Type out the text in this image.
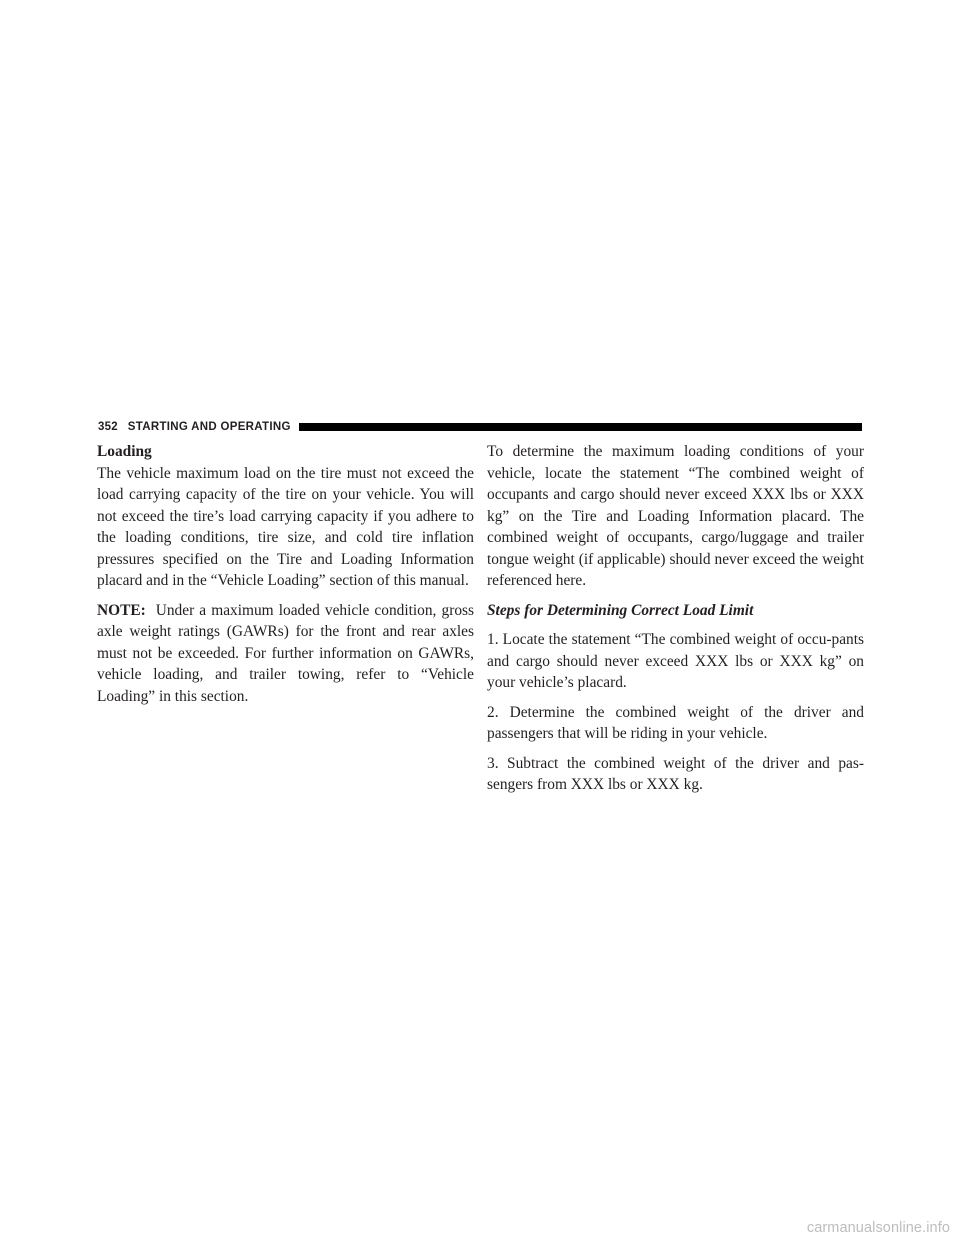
352 STARTING AND OPERATING
Loading

The vehicle maximum load on the tire must not exceed the load carrying capacity of the tire on your vehicle. You will not exceed the tire’s load carrying capacity if you adhere to the loading conditions, tire size, and cold tire inflation pressures specified on the Tire and Loading Information placard and in the “Vehicle Loading” section of this manual.

NOTE: Under a maximum loaded vehicle condition, gross axle weight ratings (GAWRs) for the front and rear axles must not be exceeded. For further information on GAWRs, vehicle loading, and trailer towing, refer to “Vehicle Loading” in this section.

To determine the maximum loading conditions of your vehicle, locate the statement “The combined weight of occupants and cargo should never exceed XXX lbs or XXX kg” on the Tire and Loading Information placard. The combined weight of occupants, cargo/luggage and trailer tongue weight (if applicable) should never exceed the weight referenced here.

Steps for Determining Correct Load Limit

1. Locate the statement “The combined weight of occu-pants and cargo should never exceed XXX lbs or XXX kg” on your vehicle’s placard.

2. Determine the combined weight of the driver and passengers that will be riding in your vehicle.

3. Subtract the combined weight of the driver and pas-sengers from XXX lbs or XXX kg.

carmanualsonline.info
